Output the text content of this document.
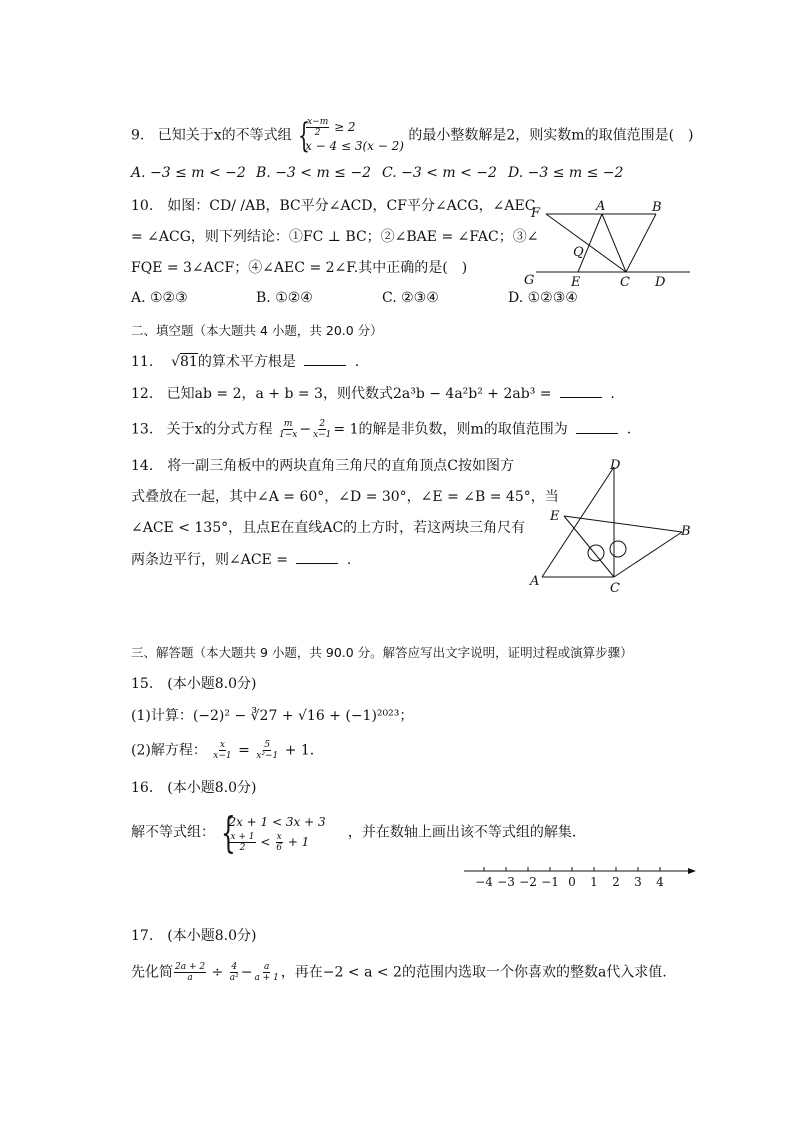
9. 已知关于x的不等式组 {
$\frac{x-m}{2} \ge 2$
x − 4 ≤ 3(x − 2)
的最小整数解是2，则实数m的取值范围是(　)
A. −3 ≤ m < −2 B. −3 < m ≤ −2 C. −3 < m < −2 D. −3 ≤ m ≤ −2
10.　如图：CD/ /AB，BC平分∠ACD，CF平分∠ACG，∠AEC
= ∠ACG，则下列结论：①FC ⊥ BC；②∠BAE = ∠FAC；③∠
FQE = 3∠ACF；④∠AEC = 2∠F.其中正确的是(　)
A. ①②③	B. ①②④	C. ②③④	D. ①②③④
F	A	B
Q
G	E	C D
二、填空题（本大题共 4 小题，共 20.0 分）
11. √81的算术平方根是	.
12. 已知ab = 2，a + b = 3，则代数式2a³b − 4a²b² + 2ab³ =	.
13. 关于x的分式方程 $\frac{m}{1-x} - \frac{2}{x-1} = 1$的解是非负数，则m的取值范围为	.
14.　将一副三角板中的两块直角三角尺的直角顶点C按如图方
式叠放在一起，其中∠A = 60°，∠D = 30°，∠E = ∠B = 45°，当
∠ACE < 135°，且点E在直线AC的上方时，若这两块三角尺有
两条边平行，则∠ACE =	.
D
E
B
A	C
三、解答题（本大题共 9 小题，共 90.0 分。解答应写出文字说明，证明过程或演算步骤）
15.　(本小题8.0分)
(1)计算：(−2)² − ∛27 + √16 + (−1)²⁰²³；
(2)解方程： $\frac{x}{x-1} = \frac{5}{\text{x²−1}} + 1$.
16.　(本小题8.0分)
解不等式组： {
2x + 1 < 3x + 3
$\frac{x + 1}{2} < \frac{x}{6} + 1$
，并在数轴上画出该不等式组的解集.
−4 −3 −2 −1 0 1 2 3 4
17.　(本小题8.0分)
先化简 $\frac{2a + 2}{a} \div \frac{4}{\text{a²}} - \frac{a}{a + 1}$ ，再在−2 < a < 2的范围内选取一个你喜欢的整数a代入求值.
